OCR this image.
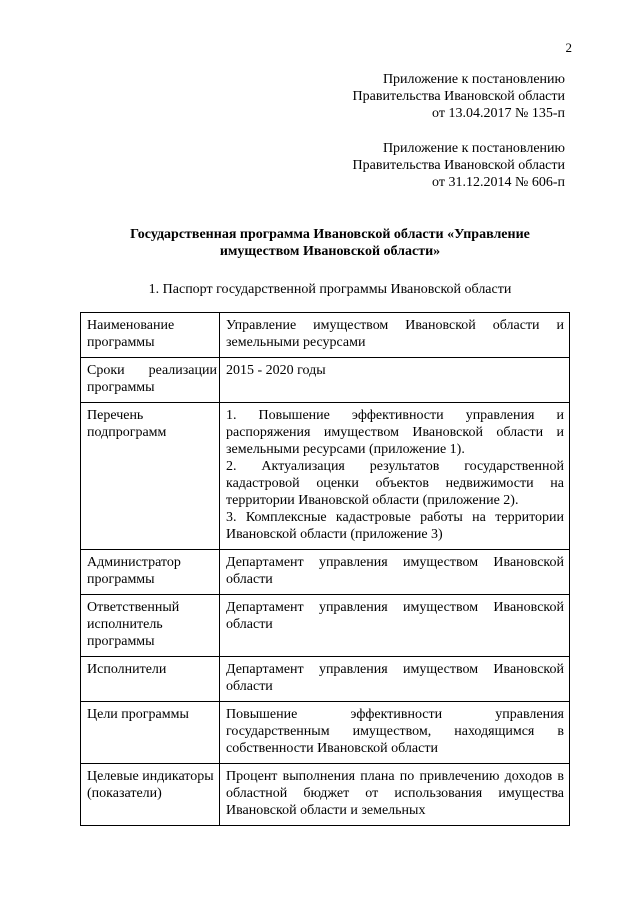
2
Приложение к постановлению
Правительства Ивановской области
от 13.04.2017 № 135-п
Приложение к постановлению
Правительства Ивановской области
от 31.12.2014 № 606-п
Государственная программа Ивановской области «Управление
имуществом Ивановской области»
1. Паспорт государственной программы Ивановской области
Наименование программы	Управление имуществом Ивановской области и земельными ресурсами

Сроки реализации программы	2015 - 2020 годы

Перечень подпрограмм	1. Повышение эффективности управления и распоряжения имуществом Ивановской области и земельными ресурсами (приложение 1).

2. Актуализация результатов государственной кадастровой оценки объектов недвижимости на территории Ивановской области (приложение 2).

3. Комплексные кадастровые работы на территории Ивановской области (приложение 3)

Администратор программы	Департамент управления имуществом Ивановской области

Ответственный исполнитель программы	Департамент управления имуществом Ивановской области

Исполнители	Департамент управления имуществом Ивановской области

Цели программы	Повышение эффективности управления государственным имуществом, находящимся в собственности Ивановской области

Целевые индикаторы (показатели)	Процент выполнения плана по привлечению доходов в областной бюджет от использования имущества Ивановской области и земельных
